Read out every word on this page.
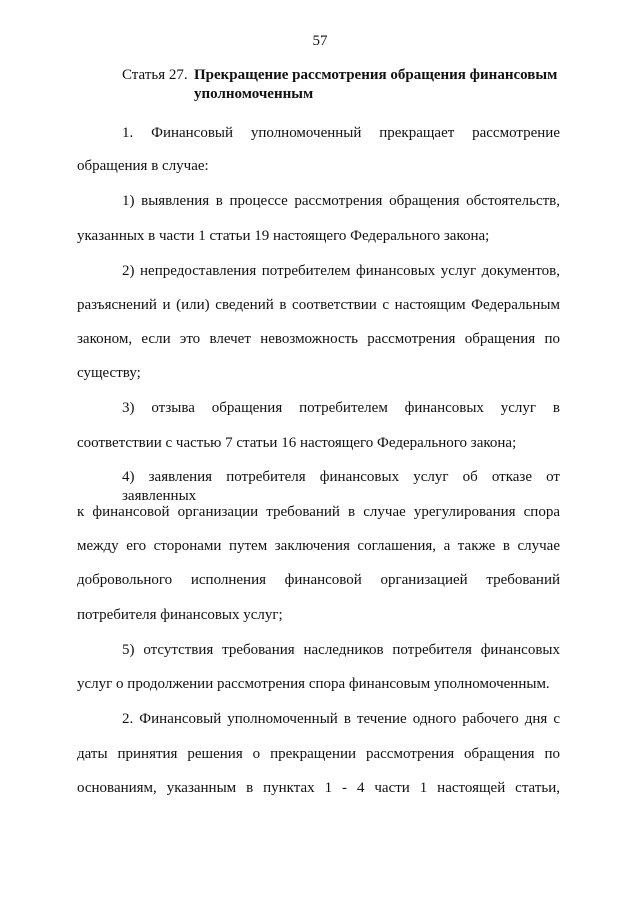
57
Статья 27. Прекращение рассмотрения обращения финансовым
уполномоченным
1. Финансовый уполномоченный прекращает рассмотрение
обращения в случае:
1) выявления в процессе рассмотрения обращения обстоятельств,
указанных в части 1 статьи 19 настоящего Федерального закона;
2) непредоставления потребителем финансовых услуг документов,
разъяснений и (или) сведений в соответствии с настоящим Федеральным
законом, если это влечет невозможность рассмотрения обращения по
существу;
3) отзыва обращения потребителем финансовых услуг в
соответствии с частью 7 статьи 16 настоящего Федерального закона;
4) заявления потребителя финансовых услуг об отказе от заявленных
к финансовой организации требований в случае урегулирования спора
между его сторонами путем заключения соглашения, а также в случае
добровольного исполнения финансовой организацией требований
потребителя финансовых услуг;
5) отсутствия требования наследников потребителя финансовых
услуг о продолжении рассмотрения спора финансовым уполномоченным.
2. Финансовый уполномоченный в течение одного рабочего дня с
даты принятия решения о прекращении рассмотрения обращения по
основаниям, указанным в пунктах 1 - 4 части 1 настоящей статьи,
